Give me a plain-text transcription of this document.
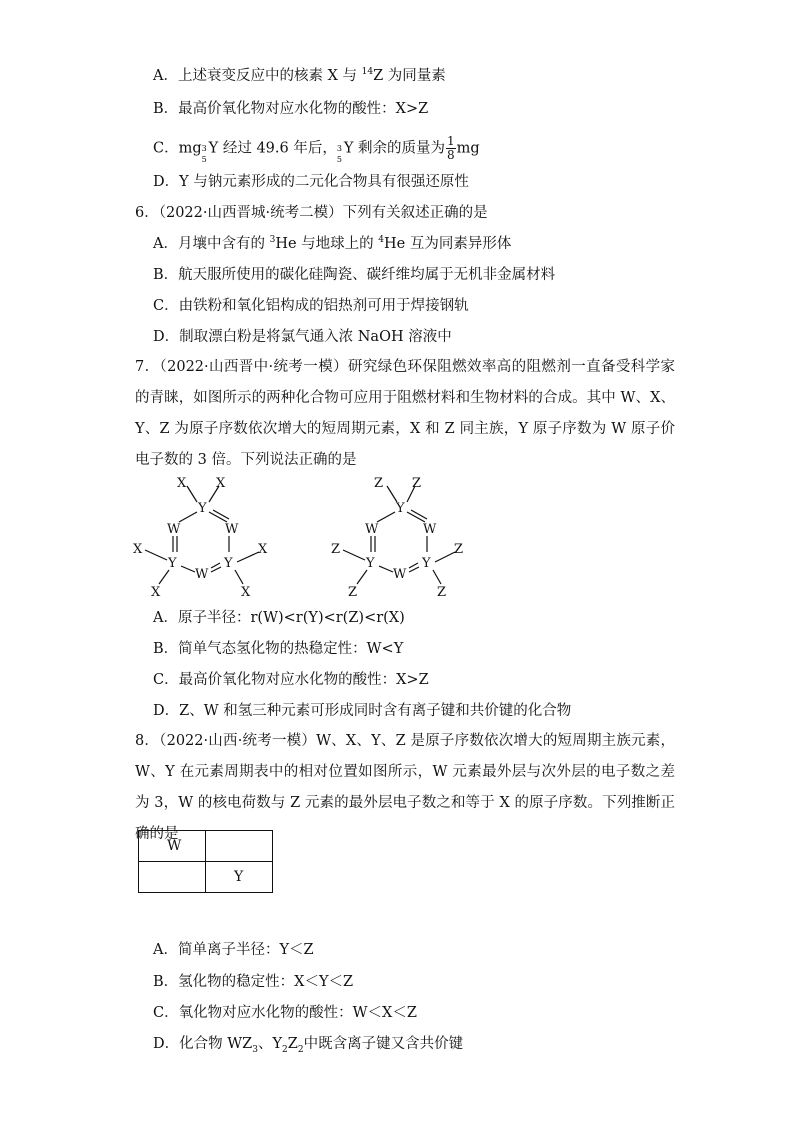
A．上述衰变反应中的核素 X 与 $^{14}$Z 为同量素
B．最高价氧化物对应水化物的酸性：X>Z
C．mg 3
5
Y 经过 49.6 年后， 3
5
Y 剩余的质量为 $\frac{1}{8}$ mg
D．Y 与钠元素形成的二元化合物具有很强还原性
6．（2022·山西晋城·统考二模）下列有关叙述正确的是
A．月壤中含有的 $^3$He 与地球上的 $^4$He 互为同素异形体
B．航天服所使用的碳化硅陶瓷、碳纤维均属于无机非金属材料
C．由铁粉和氧化铝构成的铝热剂可用于焊接钢轨
D．制取漂白粉是将氯气通入浓 NaOH 溶液中
7．（2022·山西晋中·统考一模）研究绿色环保阻燃效率高的阻燃剂一直备受科学家的青睐，如图所示的两种化合物可应用于阻燃材料和生物材料的合成。其中 W、X、Y、Z 为原子序数依次增大的短周期元素，X 和 Z 同主族，Y 原子序数为 W 原子价电子数的 3 倍。下列说法正确的是
X X
Y
W	W
X
Y
W
Y
X
X	X
Z Z
Y
W	W
Z
Y
W
Y
Z
Z	Z
A．原子半径：r(W)<r(Y)<r(Z)<r(X)
B．简单气态氢化物的热稳定性：W<Y
C．最高价氧化物对应水化物的酸性：X>Z
D．Z、W 和氢三种元素可形成同时含有离子键和共价键的化合物
8．（2022·山西·统考一模）W、X、Y、Z 是原子序数依次增大的短周期主族元素，W、Y 在元素周期表中的相对位置如图所示，W 元素最外层与次外层的电子数之差为 3，W 的核电荷数与 Z 元素的最外层电子数之和等于 X 的原子序数。下列推断正确的是
W	
	Y
A．简单离子半径：Y＜Z
B．氢化物的稳定性：X＜Y＜Z
C．氧化物对应水化物的酸性：W＜X＜Z
D．化合物 $WZ_3$、$Y_2Z_2$中既含离子键又含共价键
